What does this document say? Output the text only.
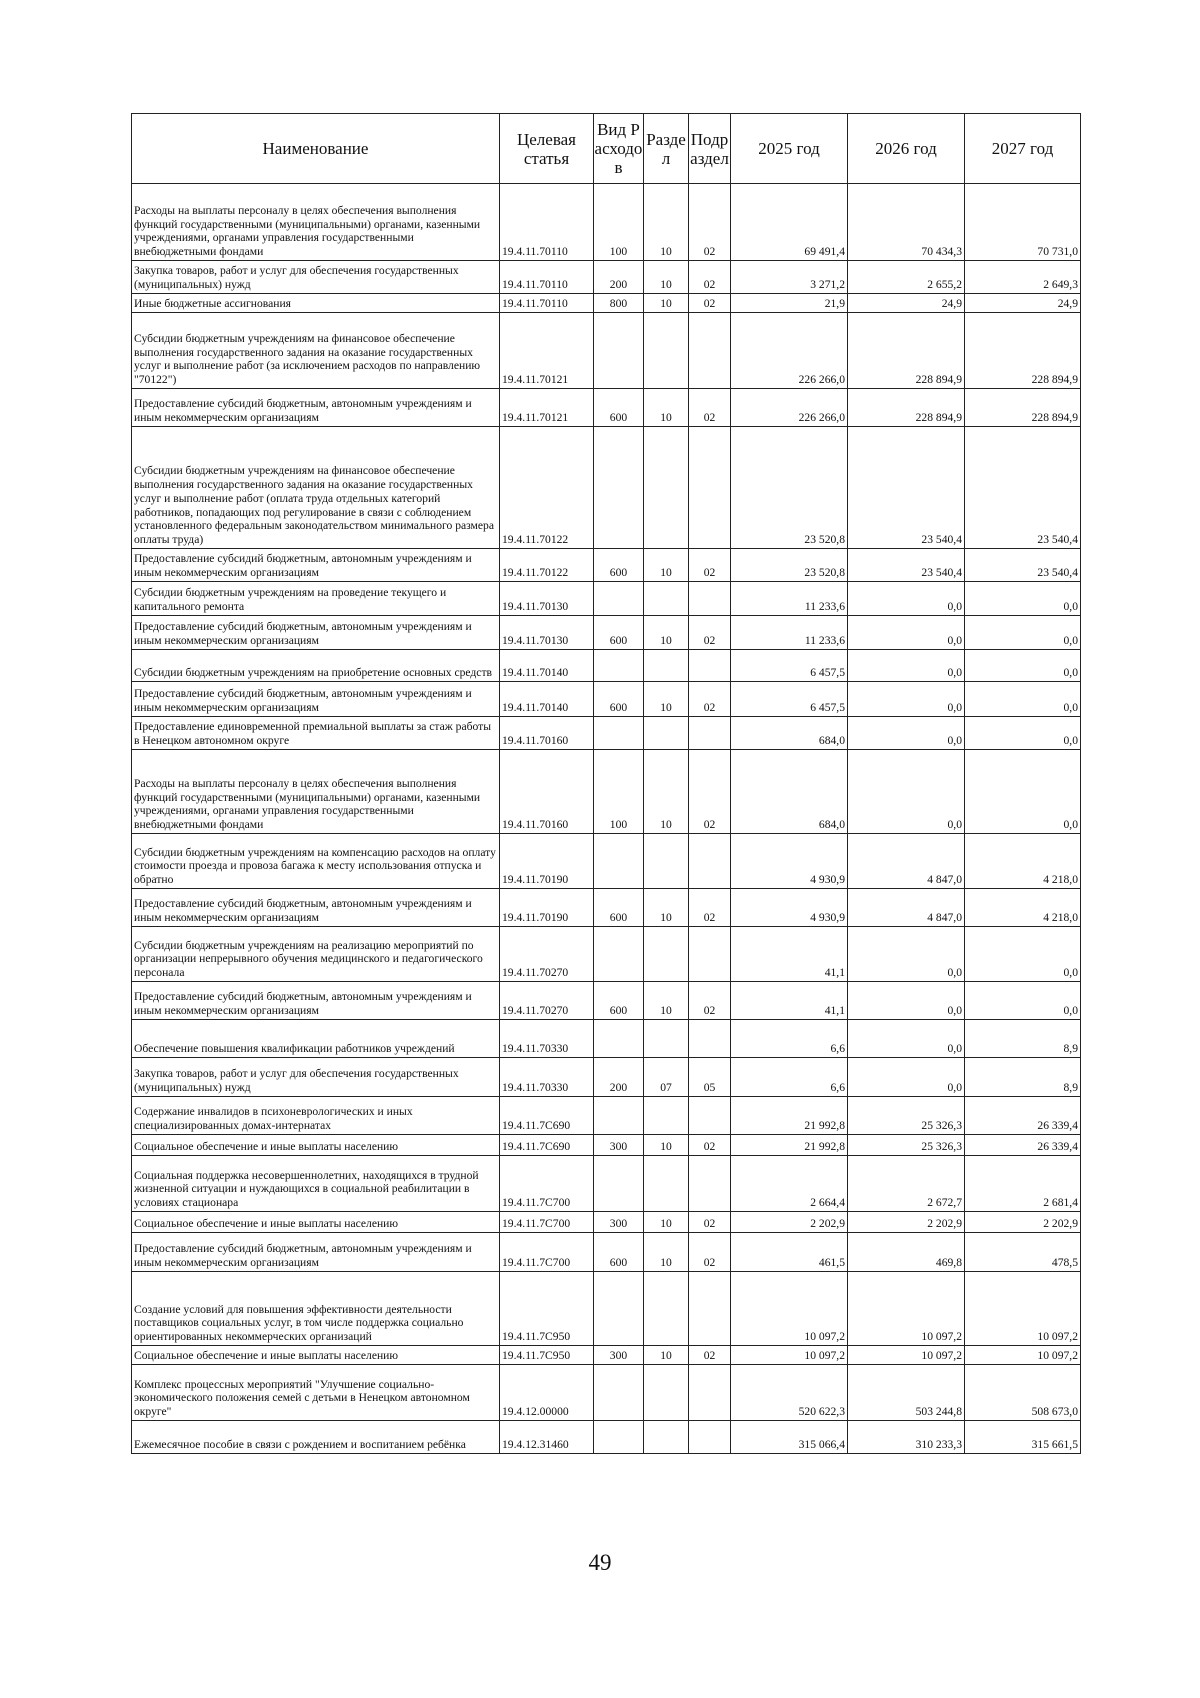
Наименование	Целевая статья	Вид Расходов	Раздел	Подраздел	2025 год	2026 год	2027 год
Расходы на выплаты персоналу в целях обеспечения выполнения функций государственными (муниципальными) органами, казенными учреждениями, органами управления государственными внебюджетными фондами	19.4.11.70110	100	10	02	69 491,4	70 434,3	70 731,0
Закупка товаров, работ и услуг для обеспечения государственных (муниципальных) нужд	19.4.11.70110	200	10	02	3 271,2	2 655,2	2 649,3
Иные бюджетные ассигнования	19.4.11.70110	800	10	02	21,9	24,9	24,9
Субсидии бюджетным учреждениям на финансовое обеспечение выполнения государственного задания на оказание государственных услуг и выполнение работ (за исключением расходов по направлению "70122")	19.4.11.70121				226 266,0	228 894,9	228 894,9
Предоставление субсидий бюджетным, автономным учреждениям и иным некоммерческим организациям	19.4.11.70121	600	10	02	226 266,0	228 894,9	228 894,9
Субсидии бюджетным учреждениям на финансовое обеспечение выполнения государственного задания на оказание государственных услуг и выполнение работ (оплата труда отдельных категорий работников, попадающих под регулирование в связи с соблюдением установленного федеральным законодательством минимального размера оплаты труда)	19.4.11.70122				23 520,8	23 540,4	23 540,4
Предоставление субсидий бюджетным, автономным учреждениям и иным некоммерческим организациям	19.4.11.70122	600	10	02	23 520,8	23 540,4	23 540,4
Субсидии бюджетным учреждениям на проведение текущего и капитального ремонта	19.4.11.70130				11 233,6	0,0	0,0
Предоставление субсидий бюджетным, автономным учреждениям и иным некоммерческим организациям	19.4.11.70130	600	10	02	11 233,6	0,0	0,0
Субсидии бюджетным учреждениям на приобретение основных средств	19.4.11.70140				6 457,5	0,0	0,0
Предоставление субсидий бюджетным, автономным учреждениям и иным некоммерческим организациям	19.4.11.70140	600	10	02	6 457,5	0,0	0,0
Предоставление единовременной премиальной выплаты за стаж работы в Ненецком автономном округе	19.4.11.70160				684,0	0,0	0,0
Расходы на выплаты персоналу в целях обеспечения выполнения функций государственными (муниципальными) органами, казенными учреждениями, органами управления государственными внебюджетными фондами	19.4.11.70160	100	10	02	684,0	0,0	0,0
Субсидии бюджетным учреждениям на компенсацию расходов на оплату стоимости проезда и провоза багажа к месту использования отпуска и обратно	19.4.11.70190				4 930,9	4 847,0	4 218,0
Предоставление субсидий бюджетным, автономным учреждениям и иным некоммерческим организациям	19.4.11.70190	600	10	02	4 930,9	4 847,0	4 218,0
Субсидии бюджетным учреждениям на реализацию мероприятий по организации непрерывного обучения медицинского и педагогического персонала	19.4.11.70270				41,1	0,0	0,0
Предоставление субсидий бюджетным, автономным учреждениям и иным некоммерческим организациям	19.4.11.70270	600	10	02	41,1	0,0	0,0
Обеспечение повышения квалификации работников учреждений	19.4.11.70330				6,6	0,0	8,9
Закупка товаров, работ и услуг для обеспечения государственных (муниципальных) нужд	19.4.11.70330	200	07	05	6,6	0,0	8,9
Содержание инвалидов в психоневрологических и иных специализированных домах-интернатах	19.4.11.7С690				21 992,8	25 326,3	26 339,4
Социальное обеспечение и иные выплаты населению	19.4.11.7С690	300	10	02	21 992,8	25 326,3	26 339,4
Социальная поддержка несовершеннолетних, находящихся в трудной жизненной ситуации и нуждающихся в социальной реабилитации в условиях стационара	19.4.11.7С700				2 664,4	2 672,7	2 681,4
Социальное обеспечение и иные выплаты населению	19.4.11.7С700	300	10	02	2 202,9	2 202,9	2 202,9
Предоставление субсидий бюджетным, автономным учреждениям и иным некоммерческим организациям	19.4.11.7С700	600	10	02	461,5	469,8	478,5
Создание условий для повышения эффективности деятельности поставщиков социальных услуг, в том числе поддержка социально ориентированных некоммерческих организаций	19.4.11.7С950				10 097,2	10 097,2	10 097,2
Социальное обеспечение и иные выплаты населению	19.4.11.7С950	300	10	02	10 097,2	10 097,2	10 097,2
Комплекс процессных мероприятий "Улучшение социально-экономического положения семей с детьми в Ненецком автономном округе"	19.4.12.00000				520 622,3	503 244,8	508 673,0
Ежемесячное пособие в связи с рождением и воспитанием ребёнка	19.4.12.31460				315 066,4	310 233,3	315 661,5
49
